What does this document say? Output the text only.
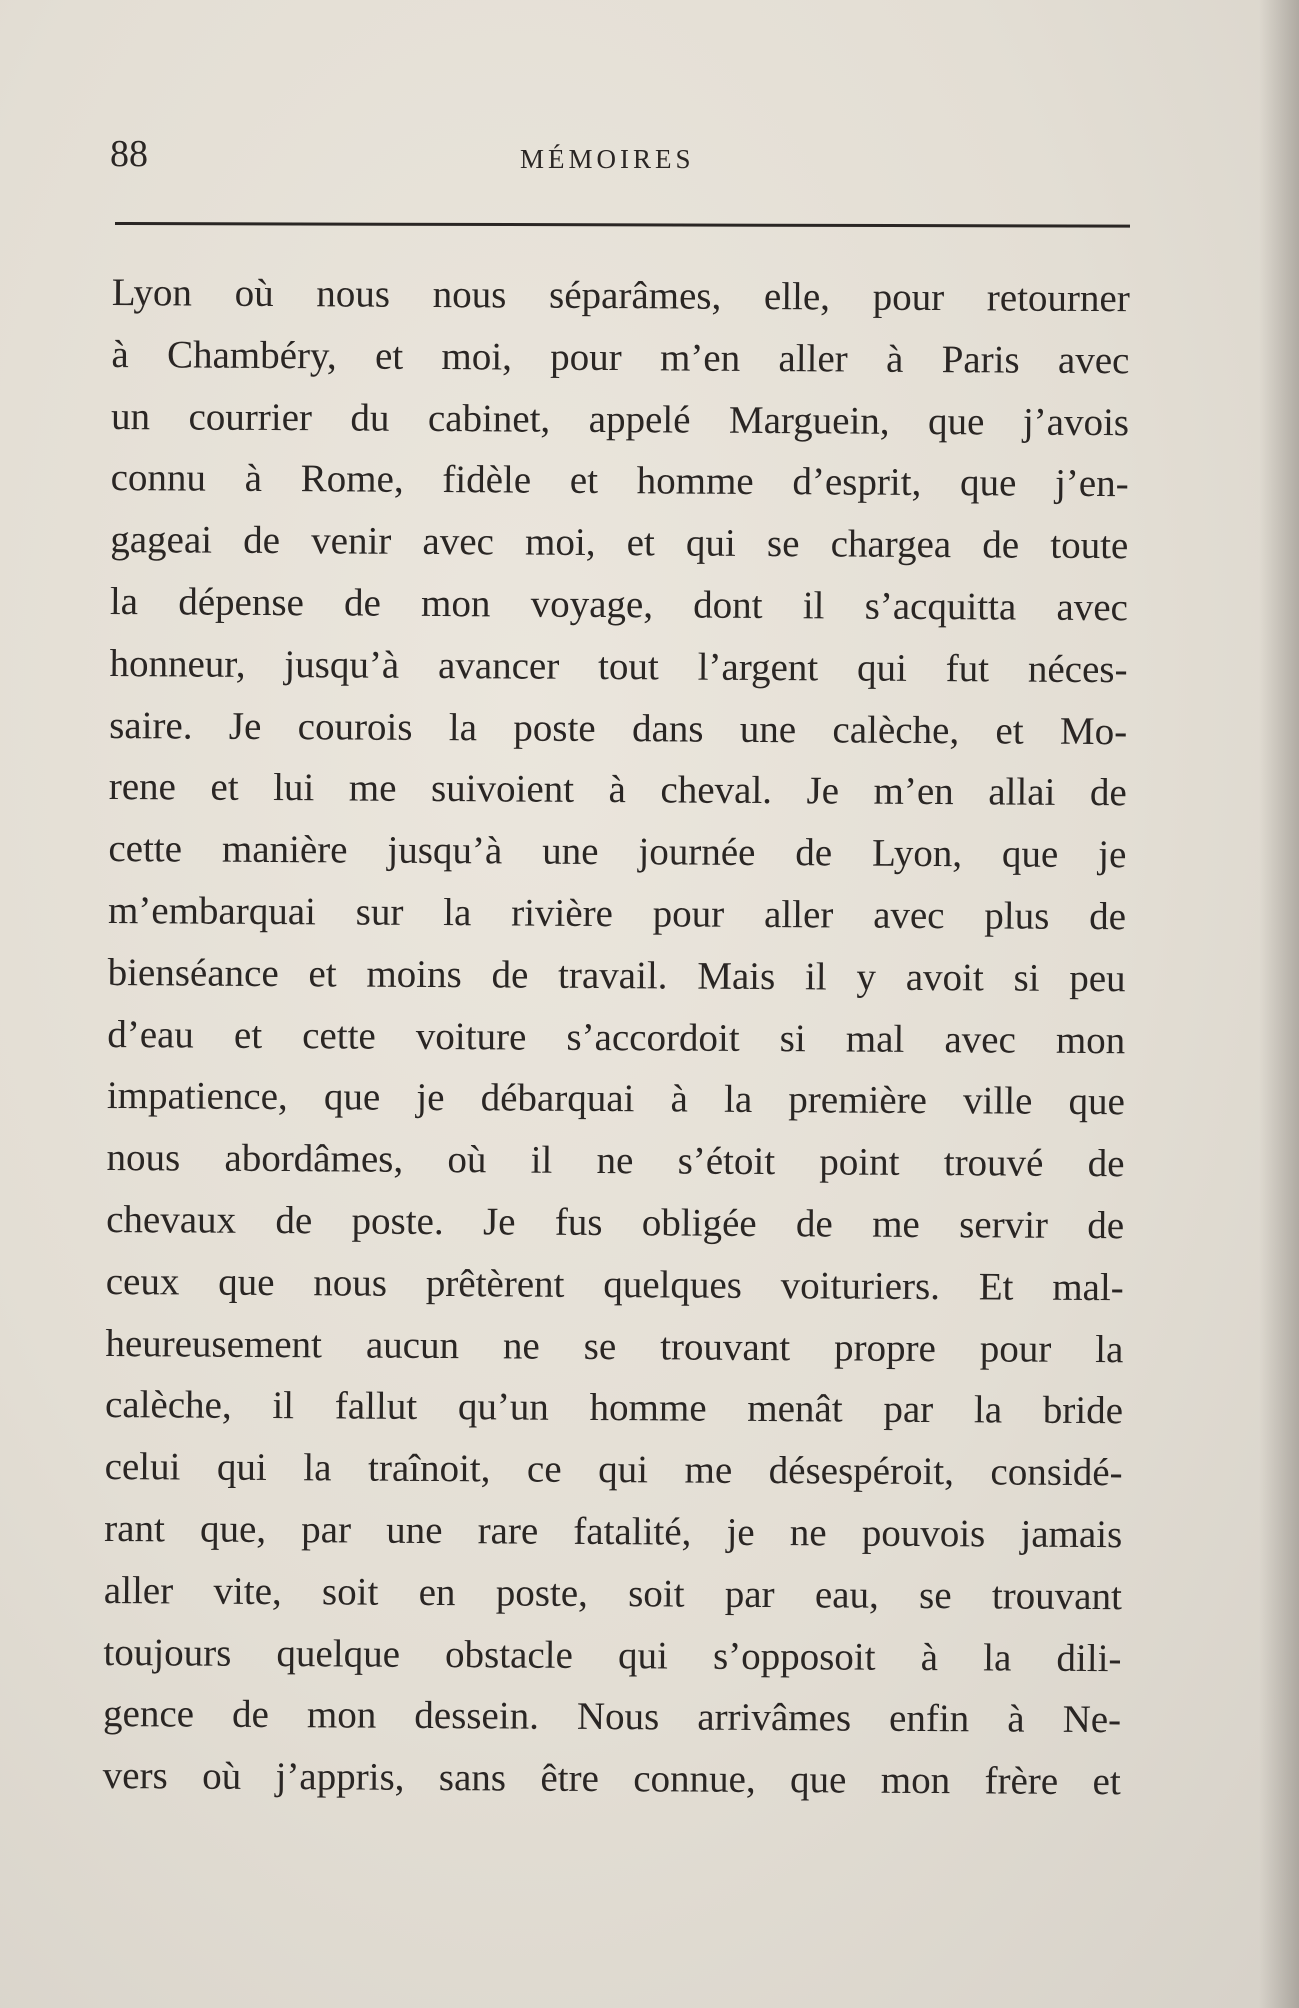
88	MÉMOIRES
Lyon où nous nous séparâmes, elle, pour retourner
à Chambéry, et moi, pour m’en aller à Paris avec
un courrier du cabinet, appelé Marguein, que j’avois
connu à Rome, fidèle et homme d’esprit, que j’en-
gageai de venir avec moi, et qui se chargea de toute
la dépense de mon voyage, dont il s’acquitta avec
honneur, jusqu’à avancer tout l’argent qui fut néces-
saire. Je courois la poste dans une calèche, et Mo-
rene et lui me suivoient à cheval. Je m’en allai de
cette manière jusqu’à une journée de Lyon, que je
m’embarquai sur la rivière pour aller avec plus de
bienséance et moins de travail. Mais il y avoit si peu
d’eau et cette voiture s’accordoit si mal avec mon
impatience, que je débarquai à la première ville que
nous abordâmes, où il ne s’étoit point trouvé de
chevaux de poste. Je fus obligée de me servir de
ceux que nous prêtèrent quelques voituriers. Et mal-
heureusement aucun ne se trouvant propre pour la
calèche, il fallut qu’un homme menât par la bride
celui qui la traînoit, ce qui me désespéroit, considé-
rant que, par une rare fatalité, je ne pouvois jamais
aller vite, soit en poste, soit par eau, se trouvant
toujours quelque obstacle qui s’opposoit à la dili-
gence de mon dessein. Nous arrivâmes enfin à Ne-
vers où j’appris, sans être connue, que mon frère et
